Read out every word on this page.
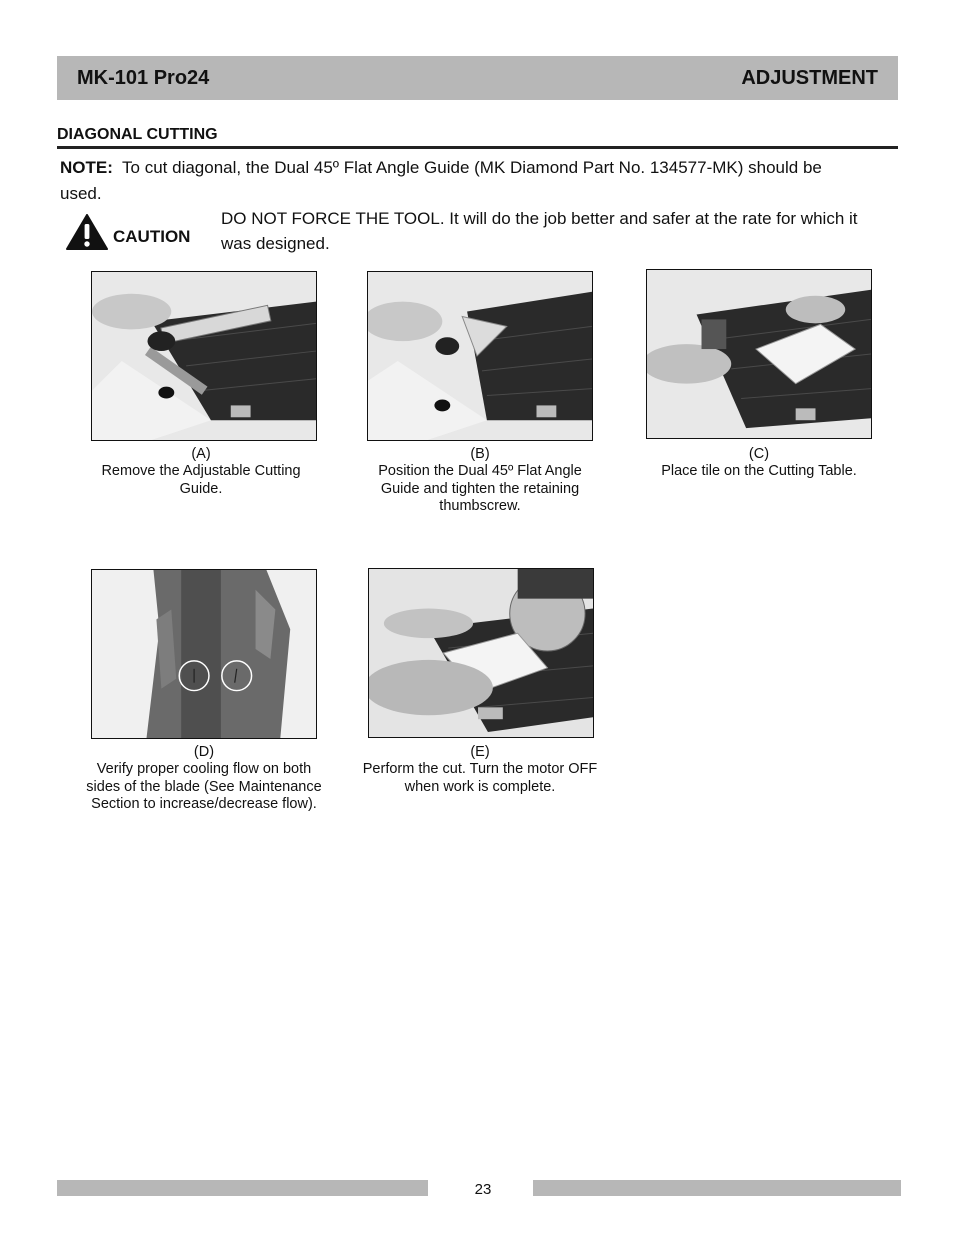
MK-101 Pro24	ADJUSTMENT
DIAGONAL CUTTING
NOTE: To cut diagonal, the Dual 45º Flat Angle Guide (MK Diamond Part No. 134577-MK) should be used.
CAUTION
DO NOT FORCE THE TOOL. It will do the job better and safer at the rate for which it was designed.
(A)
Remove the Adjustable Cutting Guide.
(B)
Position the Dual 45º Flat Angle Guide and tighten the retaining thumbscrew.
(C)
Place tile on the Cutting Table.
(D)
Verify proper cooling flow on both sides of the blade (See Maintenance Section to increase/decrease flow).
(E)
Perform the cut. Turn the motor OFF when work is complete.
23
